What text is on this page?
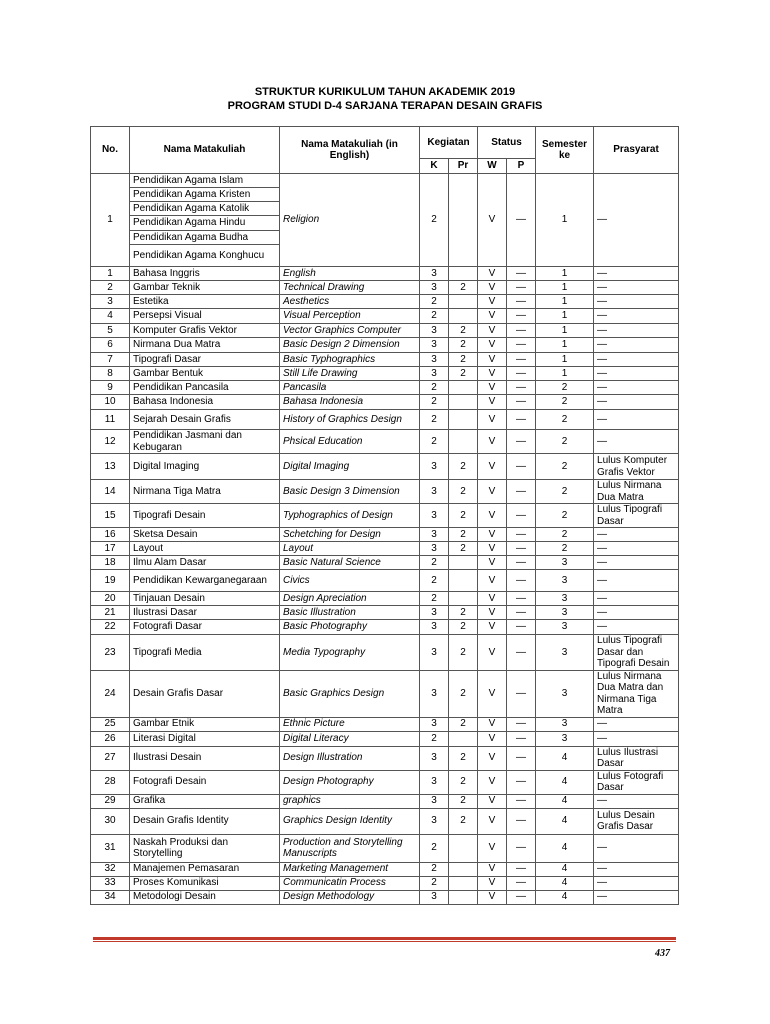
STRUKTUR KURIKULUM TAHUN AKADEMIK 2019
PROGRAM STUDI D-4 SARJANA TERAPAN DESAIN GRAFIS
No.	Nama Matakuliah	Nama Matakuliah (in English)	Kegiatan		Status		Semester ke	Prasyarat
			K	Pr	W	P		
1	Pendidikan Agama Islam	Religion	2		V	—	1	—
	Pendidikan Agama Kristen							
	Pendidikan Agama Katolik							
	Pendidikan Agama Hindu							
	Pendidikan Agama Budha							
	Pendidikan Agama Konghucu							
1	Bahasa Inggris	English	3		V	—	1	—
2	Gambar Teknik	Technical Drawing	3	2	V	—	1	—
3	Estetika	Aesthetics	2		V	—	1	—
4	Persepsi Visual	Visual Perception	2		V	—	1	—
5	Komputer Grafis Vektor	Vector Graphics Computer	3	2	V	—	1	—
6	Nirmana Dua Matra	Basic Design 2 Dimension	3	2	V	—	1	—
7	Tipografi Dasar	Basic Typhographics	3	2	V	—	1	—
8	Gambar Bentuk	Still Life Drawing	3	2	V	—	1	—
9	Pendidikan Pancasila	Pancasila	2		V	—	2	—
10	Bahasa Indonesia	Bahasa Indonesia	2		V	—	2	—
11	Sejarah Desain Grafis	History of Graphics Design	2		V	—	2	—
12	Pendidikan Jasmani dan Kebugaran	Phsical Education	2		V	—	2	—
13	Digital Imaging	Digital Imaging	3	2	V	—	2	Lulus Komputer Grafis Vektor
14	Nirmana Tiga Matra	Basic Design 3 Dimension	3	2	V	—	2	Lulus Nirmana Dua Matra
15	Tipografi Desain	Typhographics of Design	3	2	V	—	2	Lulus Tipografi Dasar
16	Sketsa Desain	Schetching for Design	3	2	V	—	2	—
17	Layout	Layout	3	2	V	—	2	—
18	Ilmu Alam Dasar	Basic Natural Science	2		V	—	3	—
19	Pendidikan Kewarganegaraan	Civics	2		V	—	3	—
20	Tinjauan Desain	Design Apreciation	2		V	—	3	—
21	Ilustrasi Dasar	Basic Illustration	3	2	V	—	3	—
22	Fotografi Dasar	Basic Photography	3	2	V	—	3	—
23	Tipografi Media	Media Typography	3	2	V	—	3	Lulus Tipografi Dasar dan Tipografi Desain
24	Desain Grafis Dasar	Basic Graphics Design	3	2	V	—	3	Lulus Nirmana Dua Matra dan Nirmana Tiga Matra
25	Gambar Etnik	Ethnic Picture	3	2	V	—	3	—
26	Literasi Digital	Digital Literacy	2		V	—	3	—
27	Ilustrasi Desain	Design Illustration	3	2	V	—	4	Lulus Ilustrasi Dasar
28	Fotografi Desain	Design Photography	3	2	V	—	4	Lulus Fotografi Dasar
29	Grafika	graphics	3	2	V	—	4	—
30	Desain Grafis Identity	Graphics Design Identity	3	2	V	—	4	Lulus Desain Grafis Dasar
31	Naskah Produksi dan Storytelling	Production and Storytelling Manuscripts	2		V	—	4	—
32	Manajemen Pemasaran	Marketing Management	2		V	—	4	—
33	Proses Komunikasi	Communicatin Process	2		V	—	4	—
34	Metodologi Desain	Design Methodology	3		V	—	4	—
437
